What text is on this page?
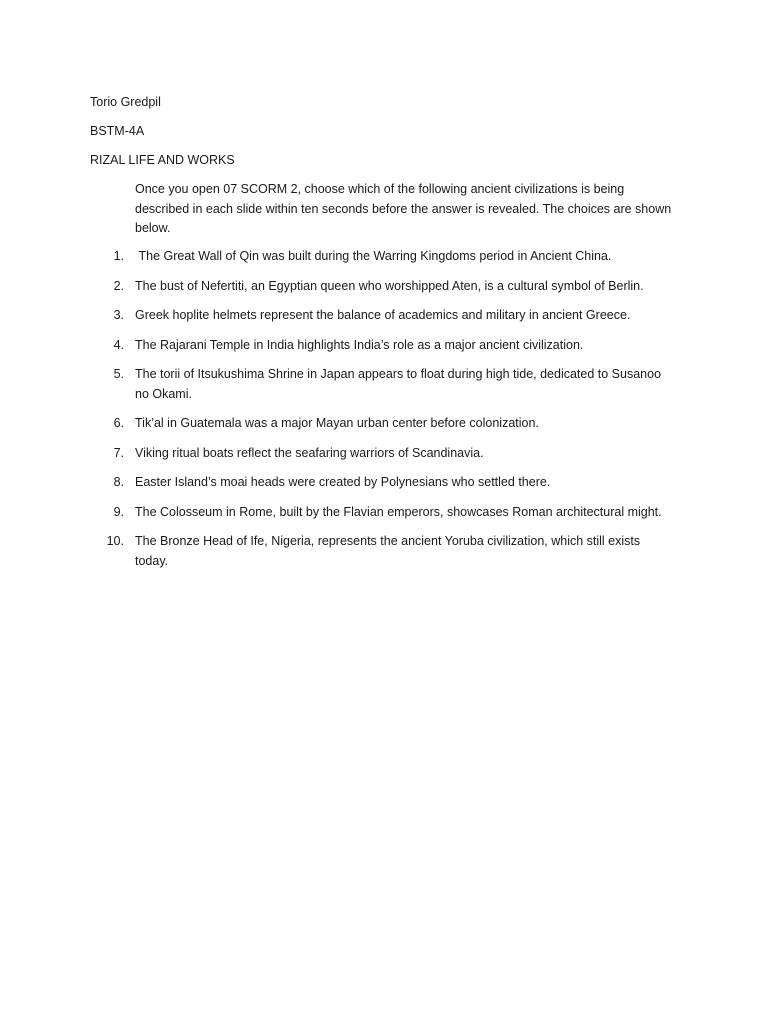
Torio Gredpil
BSTM-4A
RIZAL LIFE AND WORKS
Once you open 07 SCORM 2, choose which of the following ancient civilizations is being described in each slide within ten seconds before the answer is revealed. The choices are shown below.
1. The Great Wall of Qin was built during the Warring Kingdoms period in Ancient China.
2. The bust of Nefertiti, an Egyptian queen who worshipped Aten, is a cultural symbol of Berlin.
3. Greek hoplite helmets represent the balance of academics and military in ancient Greece.
4. The Rajarani Temple in India highlights India’s role as a major ancient civilization.
5. The torii of Itsukushima Shrine in Japan appears to float during high tide, dedicated to Susanoo no Okami.
6. Tik’al in Guatemala was a major Mayan urban center before colonization.
7. Viking ritual boats reflect the seafaring warriors of Scandinavia.
8. Easter Island’s moai heads were created by Polynesians who settled there.
9. The Colosseum in Rome, built by the Flavian emperors, showcases Roman architectural might.
10. The Bronze Head of Ife, Nigeria, represents the ancient Yoruba civilization, which still exists today.
